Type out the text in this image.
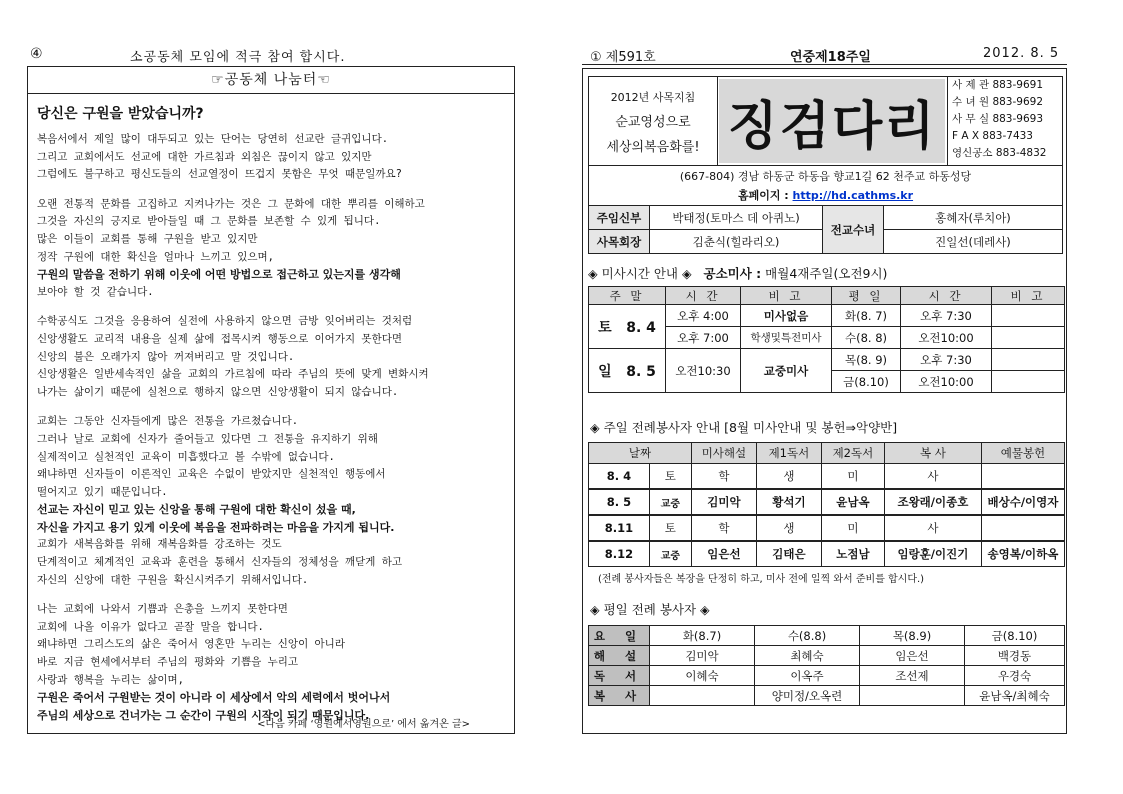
④	소공동체 모임에 적극 참여 합시다.
☞공동체 나눔터☜
당신은 구원을 받았습니까?
복음서에서 제일 많이 대두되고 있는 단어는 당연히 선교란 글귀입니다.
그리고 교회에서도 선교에 대한 가르침과 외침은 끊이지 않고 있지만
그럼에도 불구하고 평신도들의 선교열정이 뜨겁지 못함은 무엇 때문일까요?
오랜 전통적 문화를 고집하고 지켜나가는 것은 그 문화에 대한 뿌리를 이해하고
그것을 자신의 긍지로 받아들일 때 그 문화를 보존할 수 있게 됩니다.
많은 이들이 교회를 통해 구원을 받고 있지만
정작 구원에 대한 확신을 얼마나 느끼고 있으며,
구원의 말씀을 전하기 위해 이웃에 어떤 방법으로 접근하고 있는지를 생각해
보아야 할 것 같습니다.
수학공식도 그것을 응용하여 실전에 사용하지 않으면 금방 잊어버리는 것처럼
신앙생활도 교리적 내용을 실제 삶에 접목시켜 행동으로 이어가지 못한다면
신앙의 불은 오래가지 않아 꺼져버리고 말 것입니다.
신앙생활은 일반세속적인 삶을 교회의 가르침에 따라 주님의 뜻에 맞게 변화시켜
나가는 삶이기 때문에 실천으로 행하지 않으면 신앙생활이 되지 않습니다.
교회는 그동안 신자들에게 많은 전통을 가르쳤습니다.
그러나 날로 교회에 신자가 줄어들고 있다면 그 전통을 유지하기 위해
실제적이고 실천적인 교육이 미흡했다고 볼 수밖에 없습니다.
왜냐하면 신자들이 이론적인 교육은 수없이 받았지만 실천적인 행동에서
떨어지고 있기 때문입니다.
선교는 자신이 믿고 있는 신앙을 통해 구원에 대한 확신이 섰을 때,
자신을 가지고 용기 있게 이웃에 복음을 전파하려는 마음을 가지게 됩니다.
교회가 새복음화를 위해 재복음화를 강조하는 것도
단계적이고 체계적인 교육과 훈련을 통해서 신자들의 정체성을 깨닫게 하고
자신의 신앙에 대한 구원을 확신시켜주기 위해서입니다.
나는 교회에 나와서 기쁨과 은총을 느끼지 못한다면
교회에 나올 이유가 없다고 곧잘 말을 합니다.
왜냐하면 그리스도의 삶은 죽어서 영혼만 누리는 신앙이 아니라
바로 지금 현세에서부터 주님의 평화와 기쁨을 누리고
사랑과 행복을 누리는 삶이며,
구원은 죽어서 구원받는 것이 아니라 이 세상에서 악의 세력에서 벗어나서
주님의 세상으로 건너가는 그 순간이 구원의 시작이 되기 때문입니다.
<다음 카페 ‘영원에서영원으로’ 에서 옮겨온 글>
① 제591호	연중제18주일	2012. 8. 5
2012년 사목지침
순교영성으로
세상의복음화를! 징검다리
사 제 관 883-9691
수 녀 원 883-9692
사 무 실 883-9693
F A X 883-7433
영신공소 883-4832
(667-804) 경남 하동군 하동읍 향교1길 62 천주교 하동성당
홈페이지 : http://hd.cathms.kr
주임신부	박태정(토마스 데 아퀴노)	전교수녀	홍혜자(루치아)
사목회장	김춘식(힐라리오)		진일선(데레사)
◈ 미사시간 안내 ◈ 공소미사 : 매월4재주일(오전9시)
주 말	시 간	비 고	평 일	시 간	비 고
토 8. 4	오후 4:00	미사없음	화(8. 7)	오후 7:30	
	오후 7:00	학생및특전미사	수(8. 8)	오전10:00	
일 8. 5	오전10:30	교중미사	목(8. 9)	오후 7:30	
			금(8.10)	오전10:00	
◈ 주일 전례봉사자 안내 [8월 미사안내 및 봉헌⇒악양반]
날짜		미사해설	제1독서	제2독서	복 사	예물봉헌
8. 4	토	학	생	미	사	
8. 5	교중	김미악	황석기	윤남옥	조왕래/이종호	배상수/이영자
8.11	토	학	생	미	사	
8.12	교중	임은선	김태은	노점남	임랑훈/이진기	송영복/이하옥
(전례 봉사자들은 복장을 단정히 하고, 미사 전에 일찍 와서 준비를 합시다.)
◈ 평일 전례 봉사자 ◈
요 일	화(8.7)	수(8.8)	목(8.9)	금(8.10)
해 설	김미악	최혜숙	임은선	백경동
독 서	이혜숙	이옥주	조선제	우경숙
복 사		양미정/오옥련		윤남옥/최혜숙
